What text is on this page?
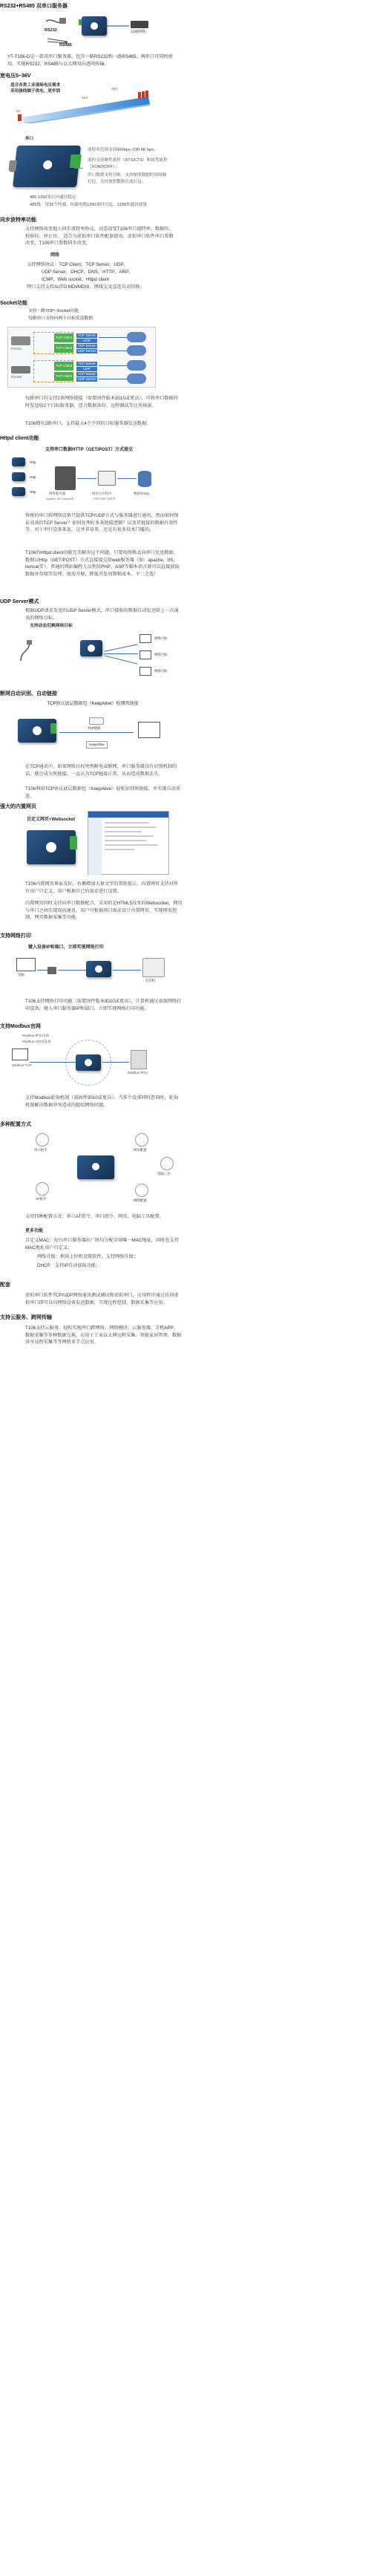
RS232+RS485 双串口服务器
RS232
RS485
局域网络
YT-T106-D是一款双串口服务器，包含一路RS232和一路RS485，两串口可同时使用。实现RS232、RS485与以太网双向透明传输。
宽电压5~36V
适合各类工业现场电压需求
采用接线端子供电，更牢固
5V
24V
36V
串口
波特率范围支持600bps~230.4K bps；
流控支持硬件流控（RTS/CTS）和软件流控（XON/XOFF）；
串口数据支持分帧，支持按照数据时间间隔打包，支持按照数据长度打包；
485 1200米以内通信稳定
485线：每32个终端，传输电缆1200米时可达，1200米通讯效果
同步波特率功能
支持网络改变他人同步波特率协议，动态改变T106串口波特率、数据位、校验位、停止位。 适合与虚拟串口软件配套使用，虚拟串口软件串口参数改变，T106串口参数同步改变。
网络
支持网络协议：TCP Client，TCP Server，UDP，
UDP Server，DHCP，DNS，HTTP，ARP，
ICMP，Web socket，Httpd client
网口支持支持AUTO MDI/MDIX，网线交叉直连自动切换；
Socket功能
支持一路TCP--Socket功能
每路串口支持向两个目标发送数据
RS232
RS485
TCP Client
TCP Server
UDP
TCP Client
TCP Server
UDP Server
TCP Client
TCP Server
UDP
TCP Client
TCP Server
UDP Server
每路串口均支持2条网络链接（需要固件版本3010或更高），可将串口数据同时发送给2个目标服务器，适合数据备份、远程调试等应用场景。
T106拥有2路串口，支持最大4个不同的目标服务器发送数据。
Httpd client功能
支持串口数据HTTP（GET/POST）方式提交
Http
Http
Http	网络服务器
Apache IIS Tomcat等
网页后台程序
PHP ASP JSP等
数据库SQL
传统的串口转网络设备只提供TCP/UDP方式与服务器进行通讯，然而如何保证高效的TCP Server？如何处理好多条链接逻辑？以及其链接的数据有效性等，对于串行设备来说，这并非易事，还是有很多技术门槛的。
T106的Httpd client功能完美解决这个问题，只要按照格式向串口发送数据，数据以Http（GET/POST）方式直接提交给web服务器（如：apache，IIS，tomcat等），普通的网站编程人员利用PHP、ASP等脚本语言就可以直接获取数据并存储等处理。使用方便，降低开发周期和成本，不二之选！
UDP Server模式
根据UDP请求发送的UDP Server模式，串口接收的数据自动发送给上一次通讯的网络目标。
支持动态切换网络目标
网络目标
网络目标
网络目标
断网自动识别、自动链接
TCP协议底层数据包（KeepAlive）检测死链接
TCP链路
KeepAlive
在TCP通讯中，如果网络目标突然断电或断网，串口服务器没有识别机制的话，就会成为死链接，一直认为TCP链接正常，从而造成数据丢失。
T106利用TCP协议底层数据包（KeepAlive）轻松识别死链接，并实现自动重连。
强大的内置网页
自定义网页+Websocket
T106内置网页界面友好，右侧增加大量文字的帮助提示，内置网页支持对所有用户自定义，用户根据自己的需求进行设置。
内置网页同时支持向串口数据配合，采用的是HTML5技术的Websocket，网页与串口之间实现双向通讯，用户可根据项目需求设计内置网页，实现网页控制、网页数据采集等功能。
支持网络打印
键入设备IP和端口，立即实现网络打印
电脑
打印机
T106支持网络打印功能（需要固件版本3010或更高），计算机通过添加网络打印设备，键入串口服务器IP和端口，立即实现网络打印功能。
支持Modbus官网
Modbus RTU设备
Modbus ASCII设备
Modbus TCP
Modbus RTU
支持Modbus轮询机制（需固件3010或更高），当多个设备同时查询时，轮询机制解决数据冲突造成的超值网络问题。
多种配置方式
串口指令	网页配置
电脑工具
AT指令	网络配置
支持四种配置方式：串口AT指令、串口指令、网页、电脑工具配置。
更多功能
自定义MAC：每台串口服务器出厂时均分配全球唯一MAC地址，同时也支持MAC地址用户自定义；
网络升级：利用上位机设置软件，支持网络升级；
DHCP：支持IP自动获取功能；
配套
虚拟串口软件TCP/UDP网络通讯测试调试和虚拟串口，应用程序通过访问虚拟串口即可以向网络设备发送数据，实现远程控制、数据采集等应用。
支持云服务、跨网传输
T106支持云服务，轻松实现串口跨网络，网络模块、云服务器、手机APP、数据采集等多种数据交换，应用于工业以太网远程采集、智能家居管理、数据共享远程采集等等网络多节点应用。
